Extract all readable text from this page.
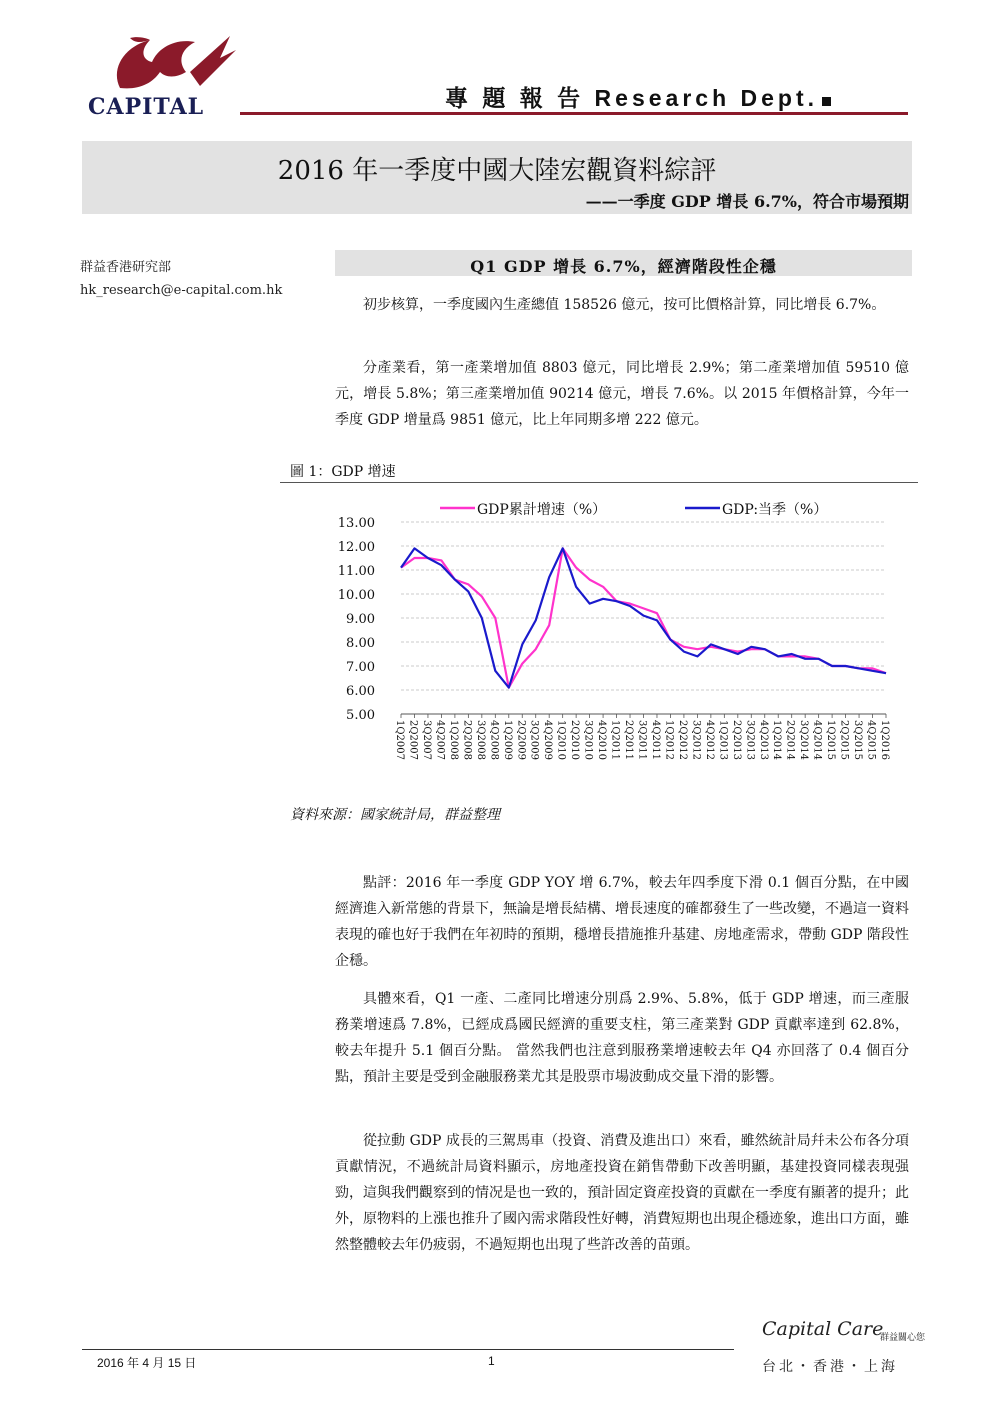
CAPITAL	專 題 報 告 Research Dept.
2016 年一季度中國大陸宏觀資料綜評
——一季度 GDP 增長 6.7%，符合市場預期
群益香港研究部
hk_research@e-capital.com.hk
Q1 GDP 增長 6.7%，經濟階段性企穩

初步核算，一季度國內生產總值 158526 億元，按可比價格計算，同比增長 6.7%。

分產業看，第一產業增加值 8803 億元，同比增長 2.9%；第二產業增加值 59510 億元，增長 5.8%；第三產業增加值 90214 億元，增長 7.6%。以 2015 年價格計算，今年一季度 GDP 增量爲 9851 億元，比上年同期多增 222 億元。

圖 1：GDP 增速
13.00
12.00
11.00
10.00
9.00
8.00
7.00
6.00
5.00
1Q2007 2Q2007 3Q2007 4Q2007 1Q2008 2Q2008 3Q2008 4Q2008 1Q2009 2Q2009 3Q2009 4Q2009 1Q2010 2Q2010 3Q2010 4Q2010 1Q2011 2Q2011 3Q2011 4Q2011 1Q2012 2Q2012 3Q2012 4Q2012 1Q2013 2Q2013 3Q2013 4Q2013 1Q2014 2Q2014 3Q2014 4Q2014 1Q2015 2Q2015 3Q2015 4Q2015 1Q2016
GDP累計增速（%）	GDP:当季（%）
資料來源：國家統計局，群益整理

點評：2016 年一季度 GDP YOY 增 6.7%，較去年四季度下滑 0.1 個百分點，在中國經濟進入新常態的背景下，無論是增長結構、增長速度的確都發生了一些改變，不過這一資料表現的確也好于我們在年初時的預期，穩增長措施推升基建、房地產需求，帶動 GDP 階段性企穩。

具體來看，Q1 一產、二產同比增速分別爲 2.9%、5.8%，低于 GDP 增速，而三產服務業增速爲 7.8%，已經成爲國民經濟的重要支柱，第三產業對 GDP 貢獻率達到 62.8%，較去年提升 5.1 個百分點。 當然我們也注意到服務業增速較去年 Q4 亦回落了 0.4 個百分點，預計主要是受到金融服務業尤其是股票市場波動成交量下滑的影響。

從拉動 GDP 成長的三駕馬車（投資、消費及進出口）來看，雖然統計局幷未公布各分項貢獻情況，不過統計局資料顯示，房地產投資在銷售帶動下改善明顯，基建投資同樣表現强勁，這與我們觀察到的情况是也一致的，預計固定資産投資的貢獻在一季度有顯著的提升；此外，原物料的上漲也推升了國內需求階段性好轉，消費短期也出現企穩迹象，進出口方面，雖然整體較去年仍疲弱，不過短期也出現了些許改善的苗頭。

Capital Care
群益關心您
2016 年 4 月 15 日	1	台北・香港・上海
